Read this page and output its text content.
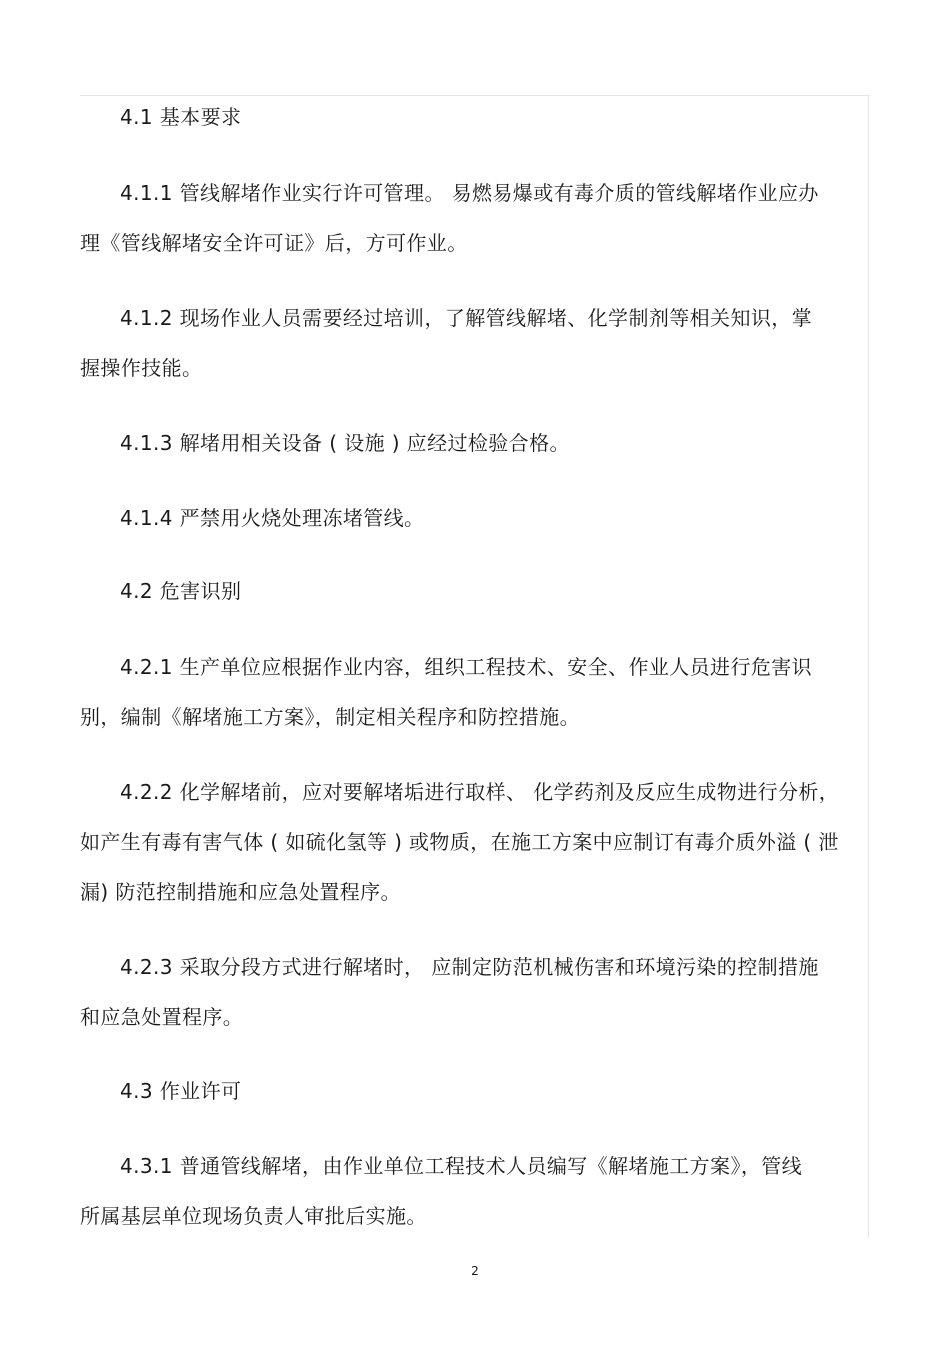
4.1 基本要求

4.1.1 管线解堵作业实行许可管理。 易燃易爆或有毒介质的管线解堵作业应办

理《管线解堵安全许可证》后，方可作业。

4.1.2 现场作业人员需要经过培训，了解管线解堵、化学制剂等相关知识，掌

握操作技能。

4.1.3 解堵用相关设备 ( 设施 ) 应经过检验合格。

4.1.4 严禁用火烧处理冻堵管线。

4.2 危害识别

4.2.1 生产单位应根据作业内容，组织工程技术、安全、作业人员进行危害识

别，编制《解堵施工方案》，制定相关程序和防控措施。

4.2.2 化学解堵前，应对要解堵垢进行取样、 化学药剂及反应生成物进行分析，

如产生有毒有害气体 ( 如硫化氢等 ) 或物质，在施工方案中应制订有毒介质外溢 ( 泄

漏) 防范控制措施和应急处置程序。

4.2.3 采取分段方式进行解堵时， 应制定防范机械伤害和环境污染的控制措施

和应急处置程序。

4.3 作业许可

4.3.1 普通管线解堵，由作业单位工程技术人员编写《解堵施工方案》，管线

所属基层单位现场负责人审批后实施。

2
